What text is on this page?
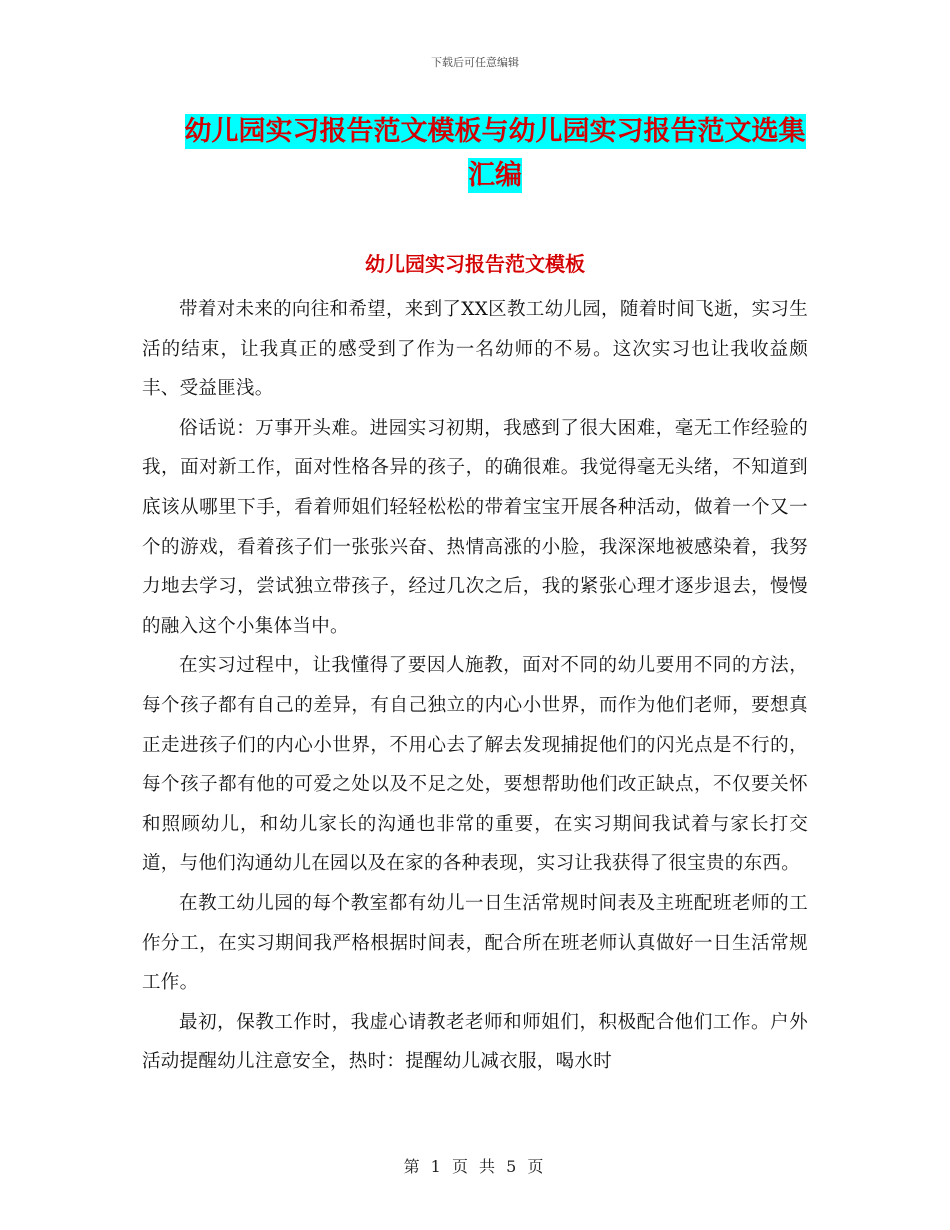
下载后可任意编辑
幼儿园实习报告范文模板与幼儿园实习报告范文选集
汇编
幼儿园实习报告范文模板

带着对未来的向往和希望，来到了XX区教工幼儿园，随着时间飞逝，实习生活的结束，让我真正的感受到了作为一名幼师的不易。这次实习也让我收益颇丰、受益匪浅。

俗话说：万事开头难。进园实习初期，我感到了很大困难，毫无工作经验的我，面对新工作，面对性格各异的孩子，的确很难。我觉得毫无头绪，不知道到底该从哪里下手，看着师姐们轻轻松松的带着宝宝开展各种活动，做着一个又一个的游戏，看着孩子们一张张兴奋、热情高涨的小脸，我深深地被感染着，我努力地去学习，尝试独立带孩子，经过几次之后，我的紧张心理才逐步退去，慢慢的融入这个小集体当中。

在实习过程中，让我懂得了要因人施教，面对不同的幼儿要用不同的方法，每个孩子都有自己的差异，有自己独立的内心小世界，而作为他们老师，要想真正走进孩子们的内心小世界，不用心去了解去发现捕捉他们的闪光点是不行的，每个孩子都有他的可爱之处以及不足之处，要想帮助他们改正缺点，不仅要关怀和照顾幼儿，和幼儿家长的沟通也非常的重要，在实习期间我试着与家长打交道，与他们沟通幼儿在园以及在家的各种表现，实习让我获得了很宝贵的东西。

在教工幼儿园的每个教室都有幼儿一日生活常规时间表及主班配班老师的工作分工，在实习期间我严格根据时间表，配合所在班老师认真做好一日生活常规工作。

最初，保教工作时，我虚心请教老老师和师姐们，积极配合他们工作。户外活动提醒幼儿注意安全，热时：提醒幼儿减衣服，喝水时

第 1 页 共 5 页
